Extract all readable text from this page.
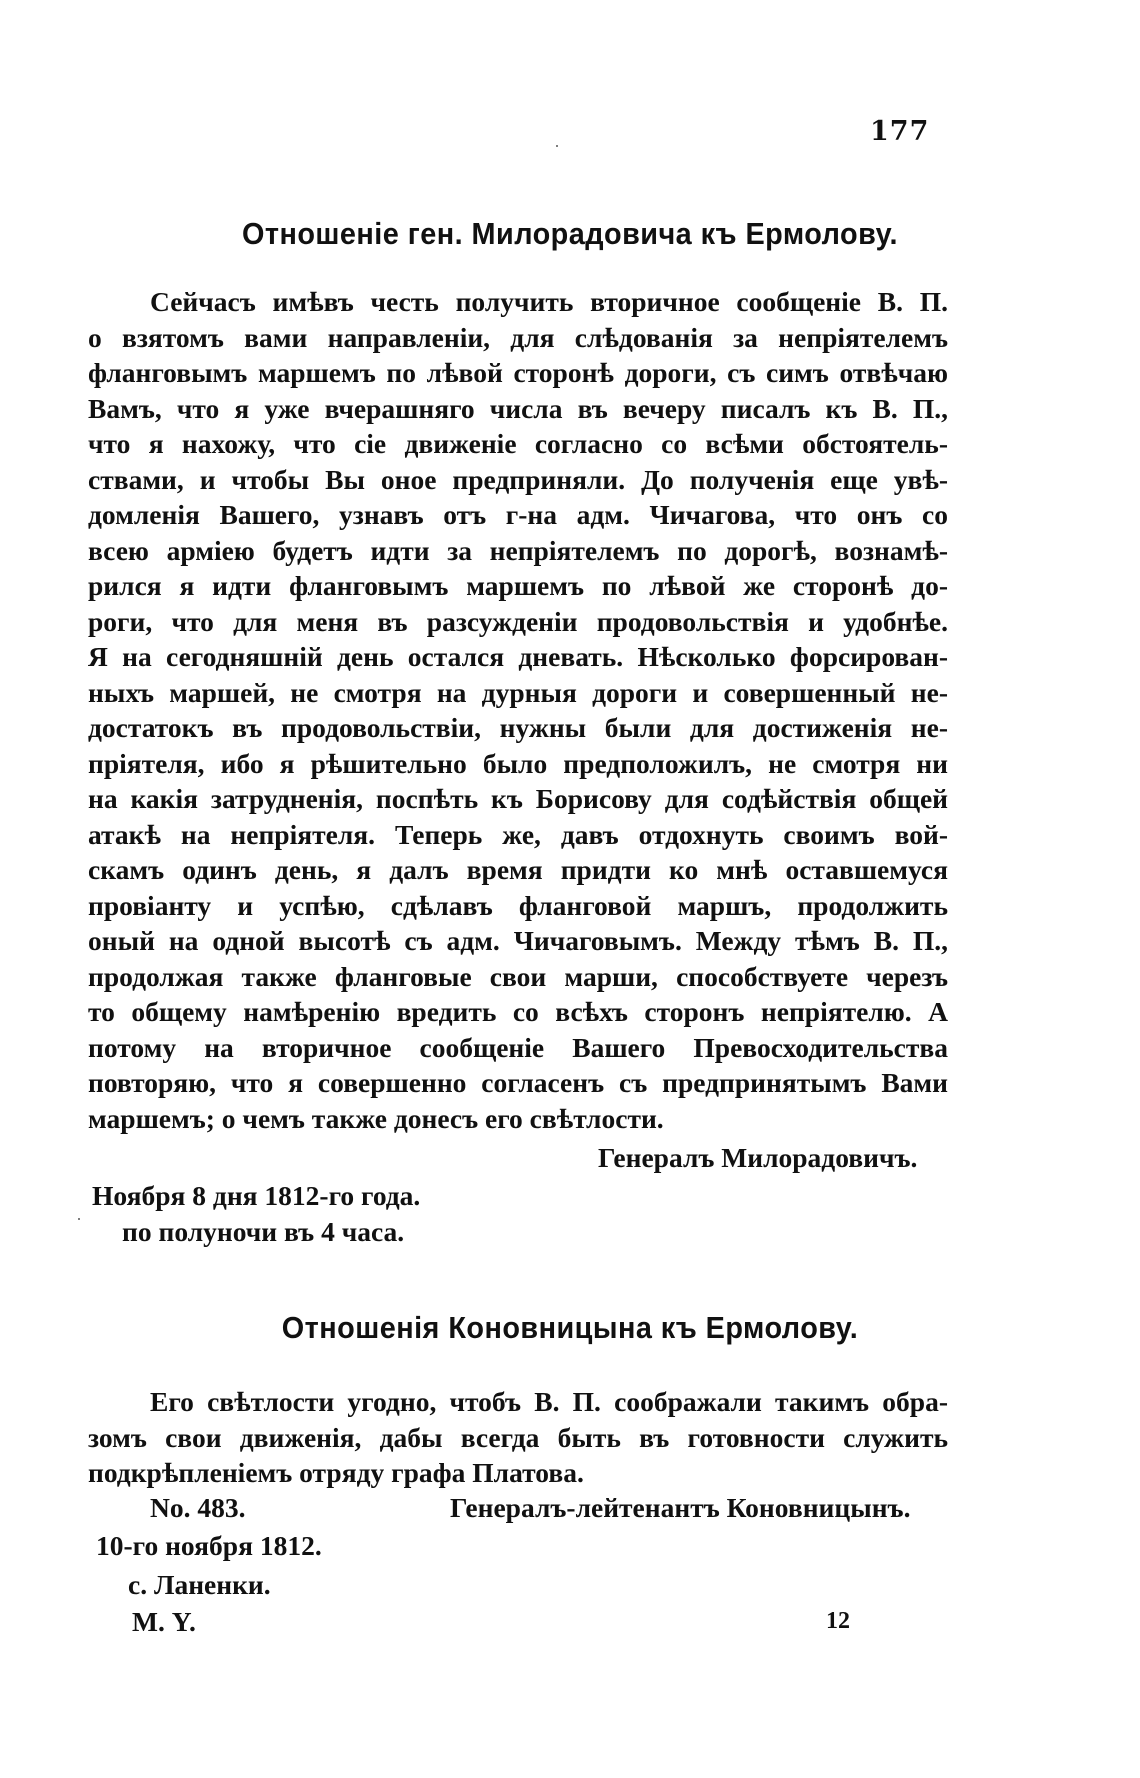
177
Отношеніе ген. Милорадовича къ Ермолову.
Сейчасъ имѣвъ честь получить вторичное сообщеніе В. П.
о взятомъ вами направленіи, для слѣдованія за непріятелемъ
фланговымъ маршемъ по лѣвой сторонѣ дороги, съ симъ отвѣчаю
Вамъ, что я уже вчерашняго числа въ вечеру писалъ къ В. П.,
что я нахожу, что сіе движеніе согласно со всѣми обстоятель-
ствами, и чтобы Вы оное предприняли. До полученія еще увѣ-
домленія Вашего, узнавъ отъ г-на адм. Чичагова, что онъ со
всею арміею будетъ идти за непріятелемъ по дорогѣ, вознамѣ-
рился я идти фланговымъ маршемъ по лѣвой же сторонѣ до-
роги, что для меня въ разсужденіи продовольствія и удобнѣе.
Я на сегодняшній день остался дневать. Нѣсколько форсирован-
ныхъ маршей, не смотря на дурныя дороги и совершенный не-
достатокъ въ продовольствіи, нужны были для достиженія не-
пріятеля, ибо я рѣшительно было предположилъ, не смотря ни
на какія затрудненія, поспѣть къ Борисову для содѣйствія общей
атакѣ на непріятеля. Теперь же, давъ отдохнуть своимъ вой-
скамъ одинъ день, я далъ время придти ко мнѣ оставшемуся
провіанту и успѣю, сдѣлавъ фланговой маршъ, продолжить
оный на одной высотѣ съ адм. Чичаговымъ. Между тѣмъ В. П.,
продолжая также фланговые свои марши, способствуете черезъ
то общему намѣренію вредить со всѣхъ сторонъ непріятелю. А
потому на вторичное сообщеніе Вашего Превосходительства
повторяю, что я совершенно согласенъ съ предпринятымъ Вами
маршемъ; о чемъ также донесъ его свѣтлости.
Генералъ Милорадовичъ.
Ноября 8 дня 1812-го года.
по полуночи въ 4 часа.
Отношенія Коновницына къ Ермолову.
Его свѣтлости угодно, чтобъ В. П. соображали такимъ обра-
зомъ свои движенія, дабы всегда быть въ готовности служить
подкрѣпленіемъ отряду графа Платова.
No. 483.	Генералъ-лейтенантъ Коновницынъ.
10-го ноября 1812.
с. Ланенки.
М. Y.	12
